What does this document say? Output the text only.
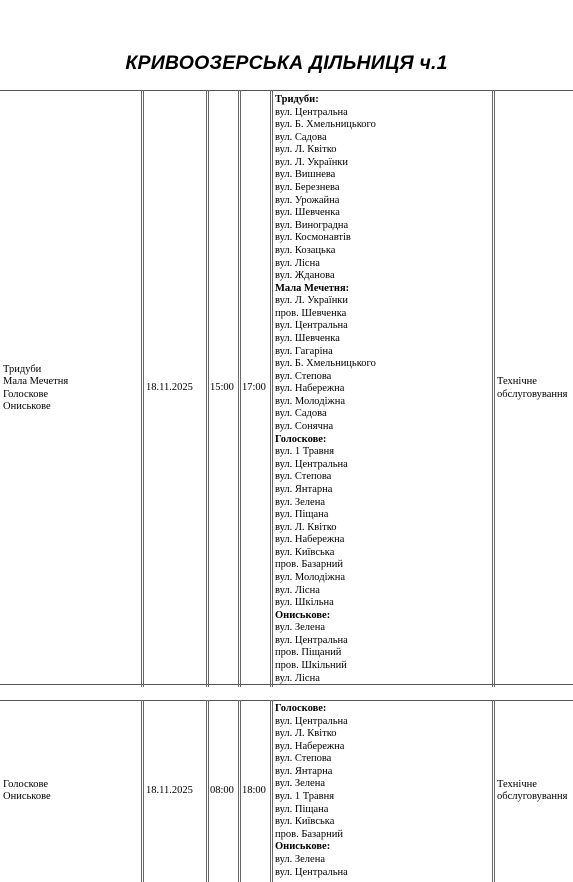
КРИВООЗЕРСЬКА ДІЛЬНИЦЯ ч.1
Тридуби
Мала Мечетня
Голоскове
Ониськове
18.11.2025	15:00 17:00
Технічне
обслуговування
Тридуби:
вул. Центральна
вул. Б. Хмельницького
вул. Садова
вул. Л. Квітко
вул. Л. Українки
вул. Вишнева
вул. Березнева
вул. Урожайна
вул. Шевченка
вул. Виноградна
вул. Космонавтів
вул. Козацька
вул. Лісна
вул. Жданова
Мала Мечетня:
вул. Л. Українки
пров. Шевченка
вул. Центральна
вул. Шевченка
вул. Гагаріна
вул. Б. Хмельницького
вул. Степова
вул. Набережна
вул. Молодіжна
вул. Садова
вул. Сонячна
Голоскове:
вул. 1 Травня
вул. Центральна
вул. Степова
вул. Янтарна
вул. Зелена
вул. Піщана
вул. Л. Квітко
вул. Набережна
вул. Київська
пров. Базарний
вул. Молодіжна
вул. Лісна
вул. Шкільна
Ониськове:
вул. Зелена
вул. Центральна
пров. Піщаний
пров. Шкільний
вул. Лісна
Голоскове
Ониськове
18.11.2025	08:00 18:00
Технічне
обслуговування
Голоскове:
вул. Центральна
вул. Л. Квітко
вул. Набережна
вул. Степова
вул. Янтарна
вул. Зелена
вул. 1 Травня
вул. Піщана
вул. Київська
пров. Базарний
Ониськове:
вул. Зелена
вул. Центральна
